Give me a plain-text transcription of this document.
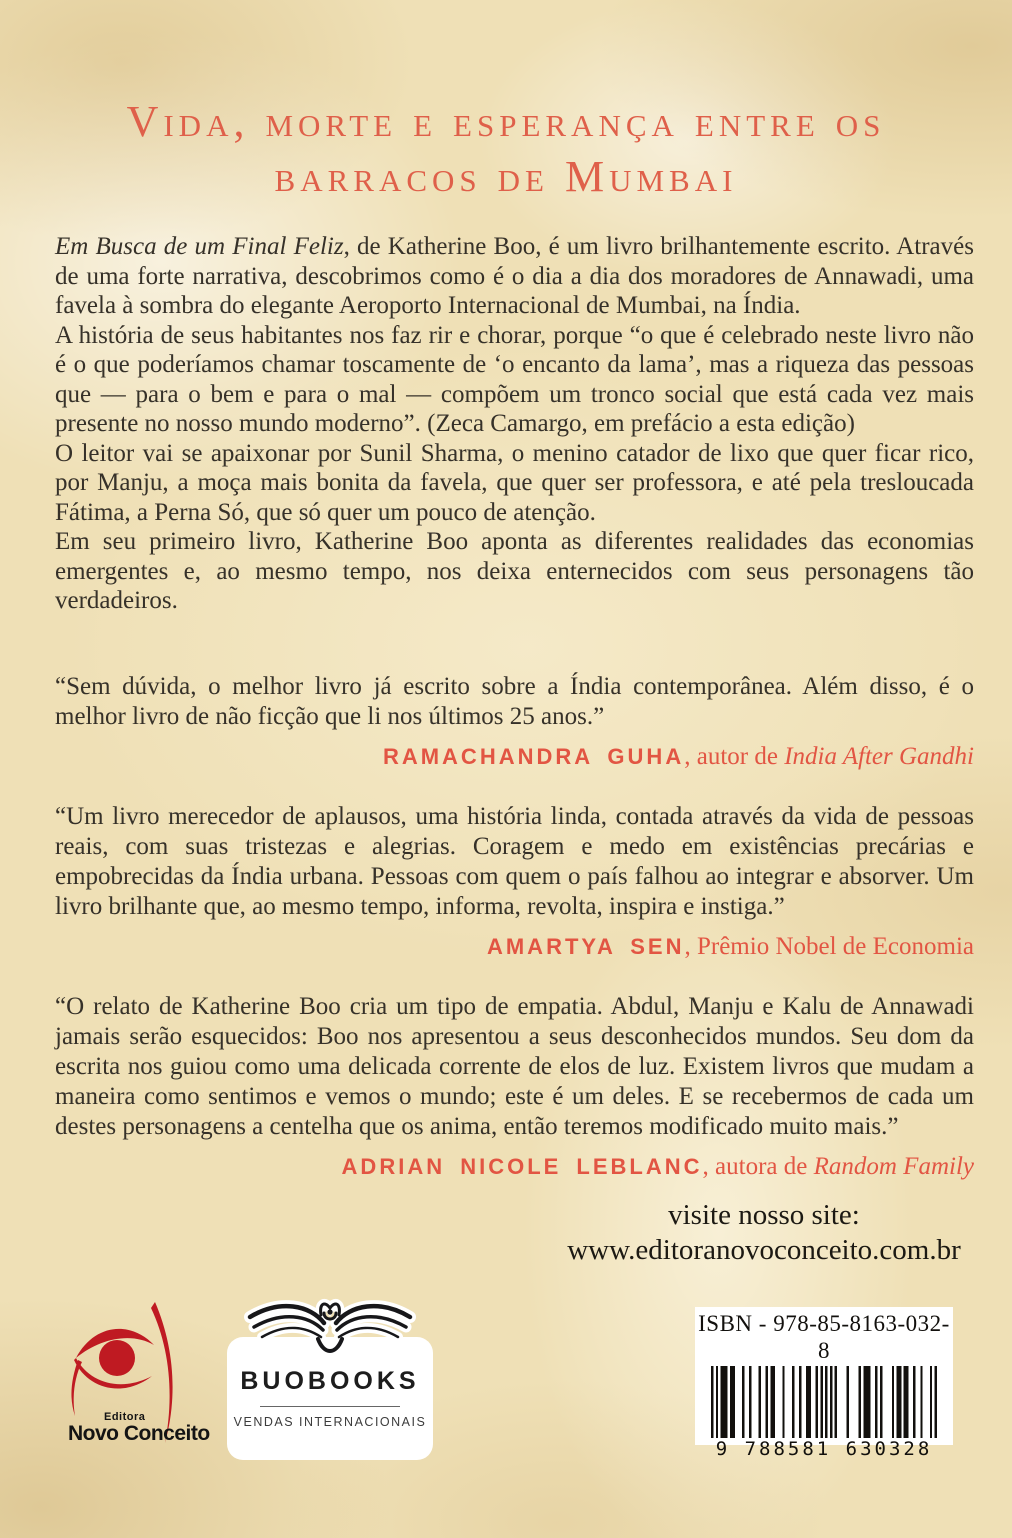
Vida, morte e esperança entre os
barracos de Mumbai

Em Busca de um Final Feliz, de Katherine Boo, é um livro brilhantemente escrito. Através de uma forte narrativa, descobrimos como é o dia a dia dos moradores de Annawadi, uma favela à sombra do elegante Aeroporto Internacional de Mumbai, na Índia.

A história de seus habitantes nos faz rir e chorar, porque “o que é celebrado neste livro não é o que poderíamos chamar toscamente de ‘o encanto da lama’, mas a riqueza das pessoas que — para o bem e para o mal — compõem um tronco social que está cada vez mais presente no nosso mundo moderno”. (Zeca Camargo, em prefácio a esta edição)

O leitor vai se apaixonar por Sunil Sharma, o menino catador de lixo que quer ficar rico, por Manju, a moça mais bonita da favela, que quer ser professora, e até pela tresloucada Fátima, a Perna Só, que só quer um pouco de atenção.

Em seu primeiro livro, Katherine Boo aponta as diferentes realidades das economias emergentes e, ao mesmo tempo, nos deixa enternecidos com seus personagens tão verdadeiros.

“Sem dúvida, o melhor livro já escrito sobre a Índia contemporânea. Além disso, é o melhor livro de não ficção que li nos últimos 25 anos.”
RAMACHANDRA GUHA, autor de India After Gandhi
“Um livro merecedor de aplausos, uma história linda, contada através da vida de pessoas reais, com suas tristezas e alegrias. Coragem e medo em existências precárias e empobrecidas da Índia urbana. Pessoas com quem o país falhou ao integrar e absorver. Um livro brilhante que, ao mesmo tempo, informa, revolta, inspira e instiga.”
AMARTYA SEN, Prêmio Nobel de Economia
“O relato de Katherine Boo cria um tipo de empatia. Abdul, Manju e Kalu de Annawadi jamais serão esquecidos: Boo nos apresentou a seus desconhecidos mundos. Seu dom da escrita nos guiou como uma delicada corrente de elos de luz. Existem livros que mudam a maneira como sentimos e vemos o mundo; este é um deles. E se recebermos de cada um destes personagens a centelha que os anima, então teremos modificado muito mais.”
ADRIAN NICOLE LEBLANC, autora de Random Family
visite nosso site:
www.editoranovoconceito.com.br
Editora
Novo Conceito
BUOBOOKS
VENDAS INTERNACIONAIS
ISBN - 978-85-8163-032-8
9 788581 630328
